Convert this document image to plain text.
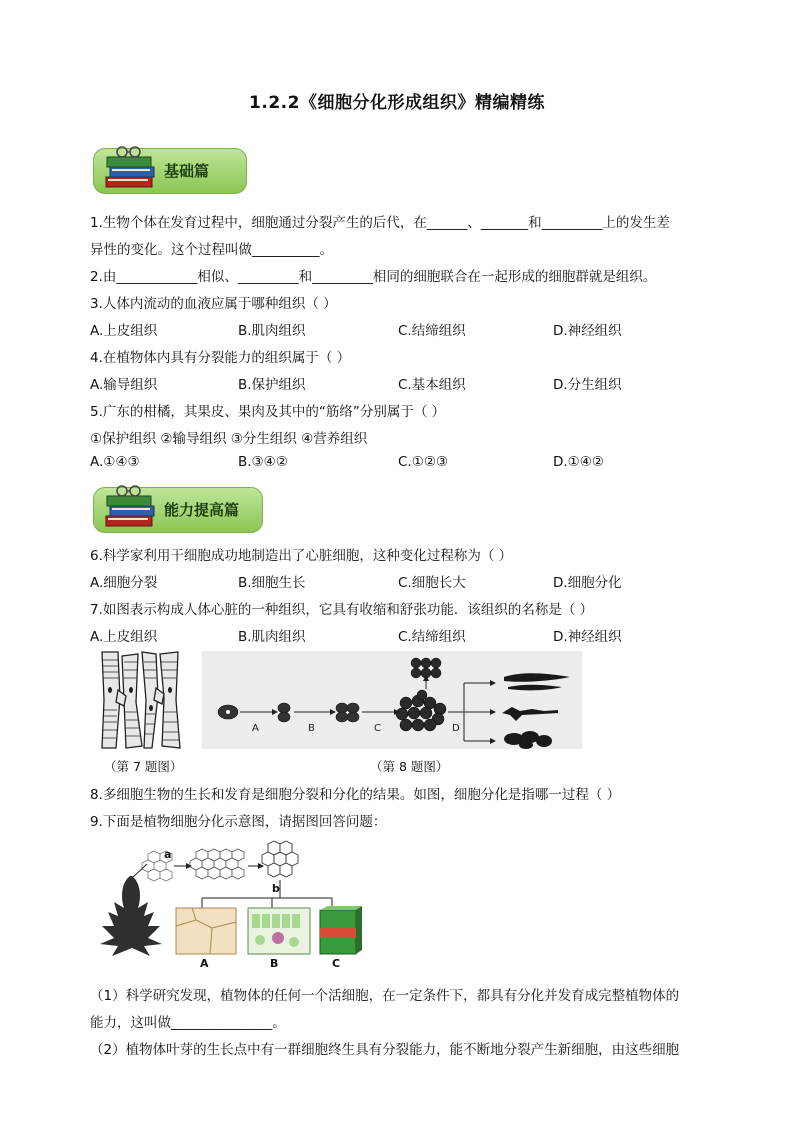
1.2.2《细胞分化形成组织》精编精练
基础篇
1.生物个体在发育过程中，细胞通过分裂产生的后代，在______、_______和_________上的发生差
异性的变化。这个过程叫做__________。
2.由____________相似、_________和_________相同的细胞联合在一起形成的细胞群就是组织。
3.人体内流动的血液应属于哪种组织（ ）
A.上皮组织	B.肌肉组织	C.结缔组织	D.神经组织
4.在植物体内具有分裂能力的组织属于（ ）
A.输导组织	B.保护组织	C.基本组织	D.分生组织
5.广东的柑橘，其果皮、果肉及其中的“筋络”分别属于（ ）
①保护组织 ②输导组织 ③分生组织 ④营养组织
A.①④③	B.③④②	C.①②③	D.①④②
能力提高篇
6.科学家利用干细胞成功地制造出了心脏细胞，这种变化过程称为（ ）
A.细胞分裂	B.细胞生长	C.细胞长大	D.细胞分化
7.如图表示构成人体心脏的一种组织，它具有收缩和舒张功能．该组织的名称是（ ）
A.上皮组织	B.肌肉组织	C.结缔组织	D.神经组织
A	B	C	D
（第 7 题图）	（第 8 题图）
8.多细胞生物的生长和发育是细胞分裂和分化的结果。如图，细胞分化是指哪一过程（ ）
9.下面是植物细胞分化示意图，请据图回答问题：
a
b
A	B	C
（1）科学研究发现，植物体的任何一个活细胞，在一定条件下，都具有分化并发育成完整植物体的
能力，这叫做_______________。
（2）植物体叶芽的生长点中有一群细胞终生具有分裂能力，能不断地分裂产生新细胞，由这些细胞
